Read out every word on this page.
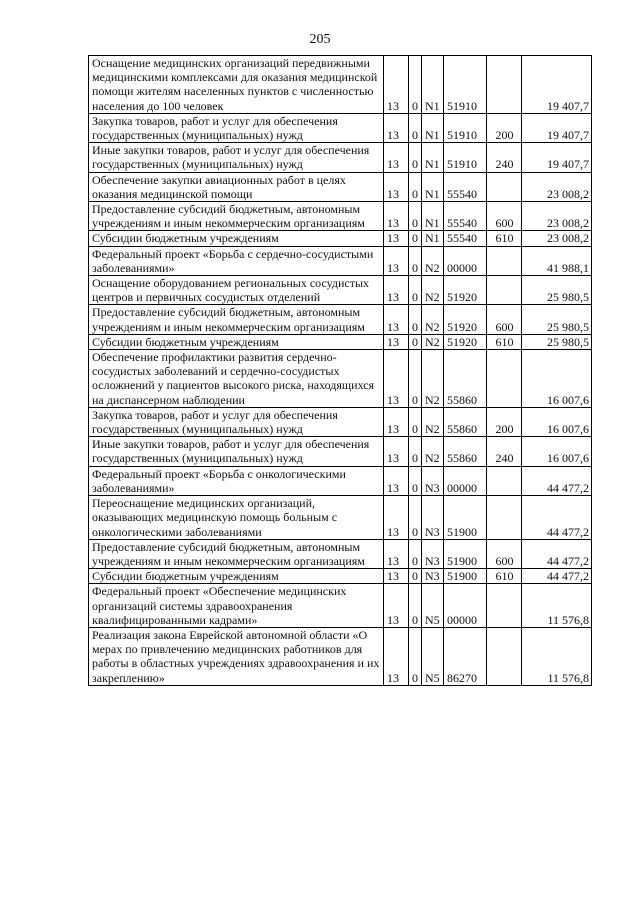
205
Оснащение медицинских организаций передвижными медицинскими комплексами для оказания медицинской помощи жителям населенных пунктов с численностью населения до 100 человек	13	0	N1	51910		19 407,7
Закупка товаров, работ и услуг для обеспечения государственных (муниципальных) нужд	13	0	N1	51910	200	19 407,7
Иные закупки товаров, работ и услуг для обеспечения государственных (муниципальных) нужд	13	0	N1	51910	240	19 407,7
Обеспечение закупки авиационных работ в целях оказания медицинской помощи	13	0	N1	55540		23 008,2
Предоставление субсидий бюджетным, автономным учреждениям и иным некоммерческим организациям	13	0	N1	55540	600	23 008,2
Субсидии бюджетным учреждениям	13	0	N1	55540	610	23 008,2
Федеральный проект «Борьба с сердечно-сосудистыми заболеваниями»	13	0	N2	00000		41 988,1
Оснащение оборудованием региональных сосудистых центров и первичных сосудистых отделений	13	0	N2	51920		25 980,5
Предоставление субсидий бюджетным, автономным учреждениям и иным некоммерческим организациям	13	0	N2	51920	600	25 980,5
Субсидии бюджетным учреждениям	13	0	N2	51920	610	25 980,5
Обеспечение профилактики развития сердечно-сосудистых заболеваний и сердечно-сосудистых осложнений у пациентов высокого риска, находящихся на диспансерном наблюдении	13	0	N2	55860		16 007,6
Закупка товаров, работ и услуг для обеспечения государственных (муниципальных) нужд	13	0	N2	55860	200	16 007,6
Иные закупки товаров, работ и услуг для обеспечения государственных (муниципальных) нужд	13	0	N2	55860	240	16 007,6
Федеральный проект «Борьба с онкологическими заболеваниями»	13	0	N3	00000		44 477,2
Переоснащение медицинских организаций, оказывающих медицинскую помощь больным с онкологическими заболеваниями	13	0	N3	51900		44 477,2
Предоставление субсидий бюджетным, автономным учреждениям и иным некоммерческим организациям	13	0	N3	51900	600	44 477,2
Субсидии бюджетным учреждениям	13	0	N3	51900	610	44 477,2
Федеральный проект «Обеспечение медицинских организаций системы здравоохранения квалифицированными кадрами»	13	0	N5	00000		11 576,8
Реализация закона Еврейской автономной области «О мерах по привлечению медицинских работников для работы в областных учреждениях здравоохранения и их закреплению»	13	0	N5	86270		11 576,8
